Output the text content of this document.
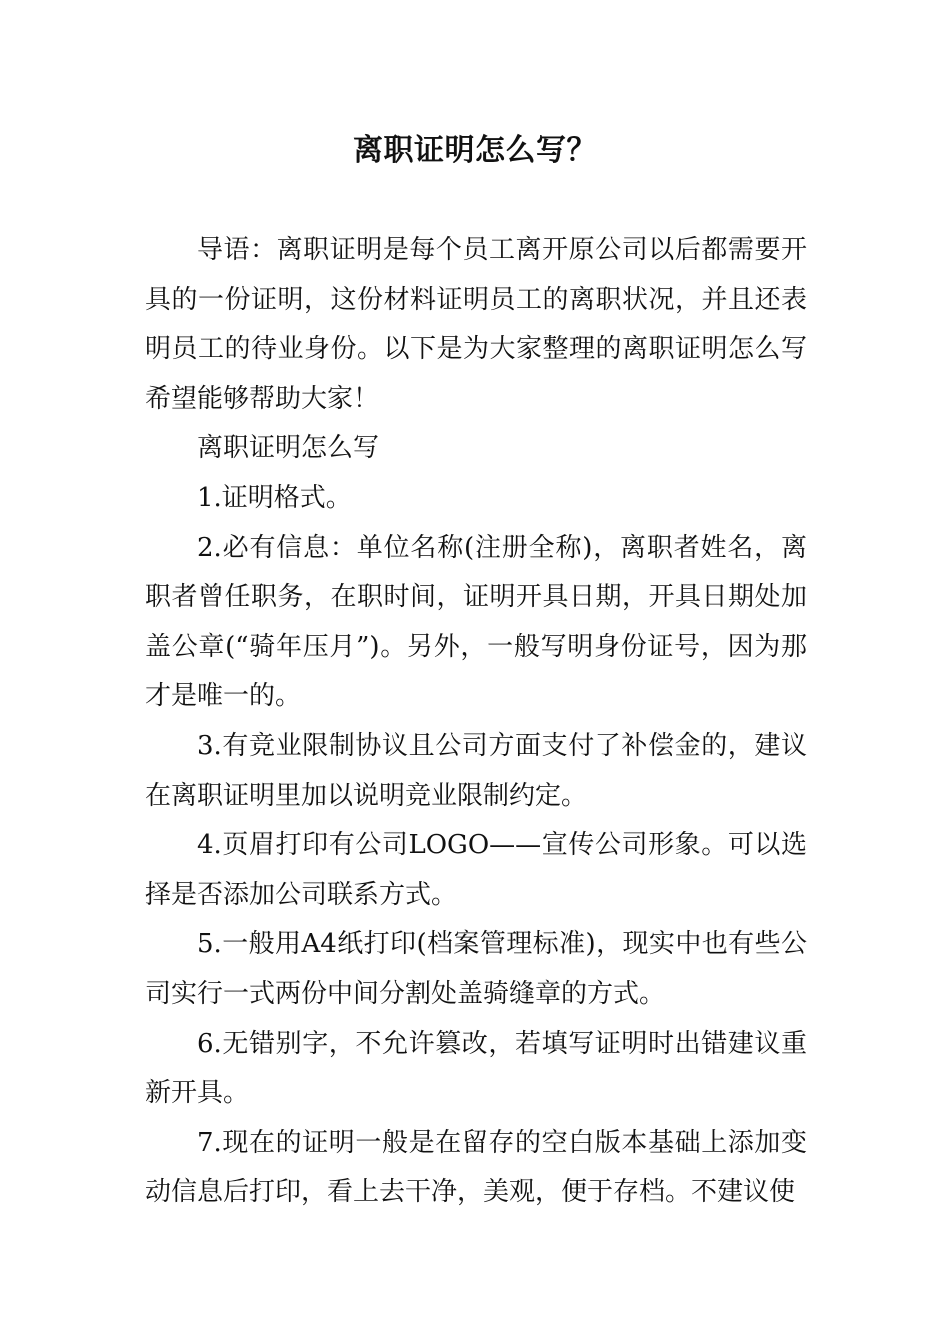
离职证明怎么写？

导语：离职证明是每个员工离开原公司以后都需要开具的一份证明，这份材料证明员工的离职状况，并且还表明员工的待业身份。以下是为大家整理的离职证明怎么写希望能够帮助大家！

离职证明怎么写

1.证明格式。

2.必有信息：单位名称(注册全称)，离职者姓名，离职者曾任职务，在职时间，证明开具日期，开具日期处加盖公章(“骑年压月”)。另外，一般写明身份证号，因为那才是唯一的。

3.有竞业限制协议且公司方面支付了补偿金的，建议在离职证明里加以说明竞业限制约定。

4.页眉打印有公司LOGO——宣传公司形象。可以选择是否添加公司联系方式。

5.一般用A4纸打印(档案管理标准)，现实中也有些公司实行一式两份中间分割处盖骑缝章的方式。

6.无错别字，不允许篡改，若填写证明时出错建议重新开具。

7.现在的证明一般是在留存的空白版本基础上添加变动信息后打印，看上去干净，美观，便于存档。不建议使
